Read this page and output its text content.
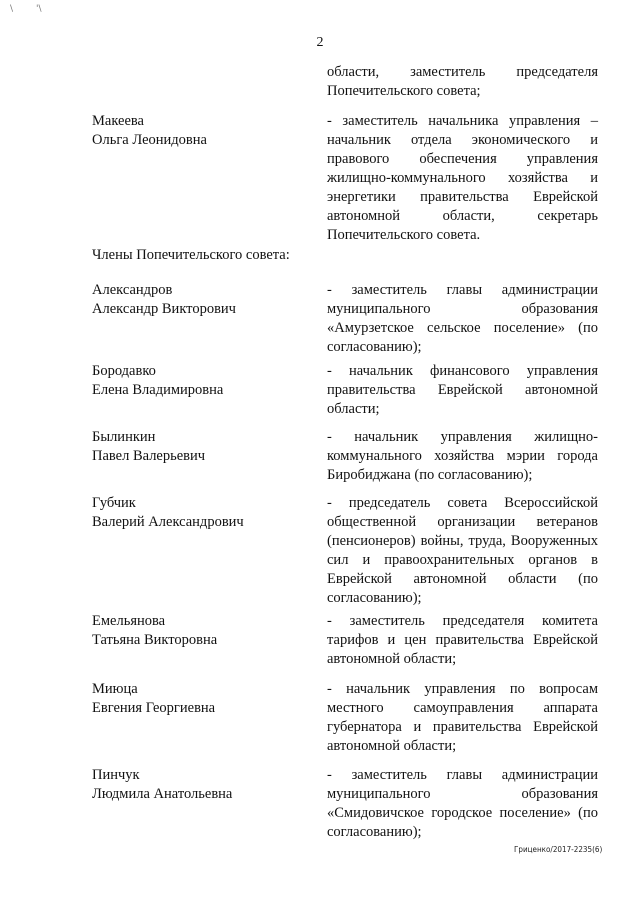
\	'\
2

области, заместитель председателя Попечительского совета;

Макеева
Ольга Леонидовна

- заместитель начальника управления – начальник отдела экономического и правового обеспечения управления жилищно-коммунального хозяйства и энергетики правительства Еврейской автономной области, секретарь Попечительского совета.

Члены Попечительского совета:
Александров
Александр Викторович

- заместитель главы администрации муниципального образования «Амурзетское сельское поселение» (по согласованию);

Бородавко
Елена Владимировна

- начальник финансового управления правительства Еврейской автономной области;

Былинкин
Павел Валерьевич

- начальник управления жилищно-коммунального хозяйства мэрии города Биробиджана (по согласованию);

Губчик
Валерий Александрович

- председатель совета Всероссийской общественной организации ветеранов (пенсионеров) войны, труда, Вооруженных сил и правоохранительных органов в Еврейской автономной области (по согласованию);

Емельянова
Татьяна Викторовна

- заместитель председателя комитета тарифов и цен правительства Еврейской автономной области;

Миюца
Евгения Георгиевна

- начальник управления по вопросам местного самоуправления аппарата губернатора и правительства Еврейской автономной области;

Пинчук
Людмила Анатольевна

- заместитель главы администрации муниципального образования «Смидовичское городское поселение» (по согласованию);

Гриценко/2017-2235(6)
